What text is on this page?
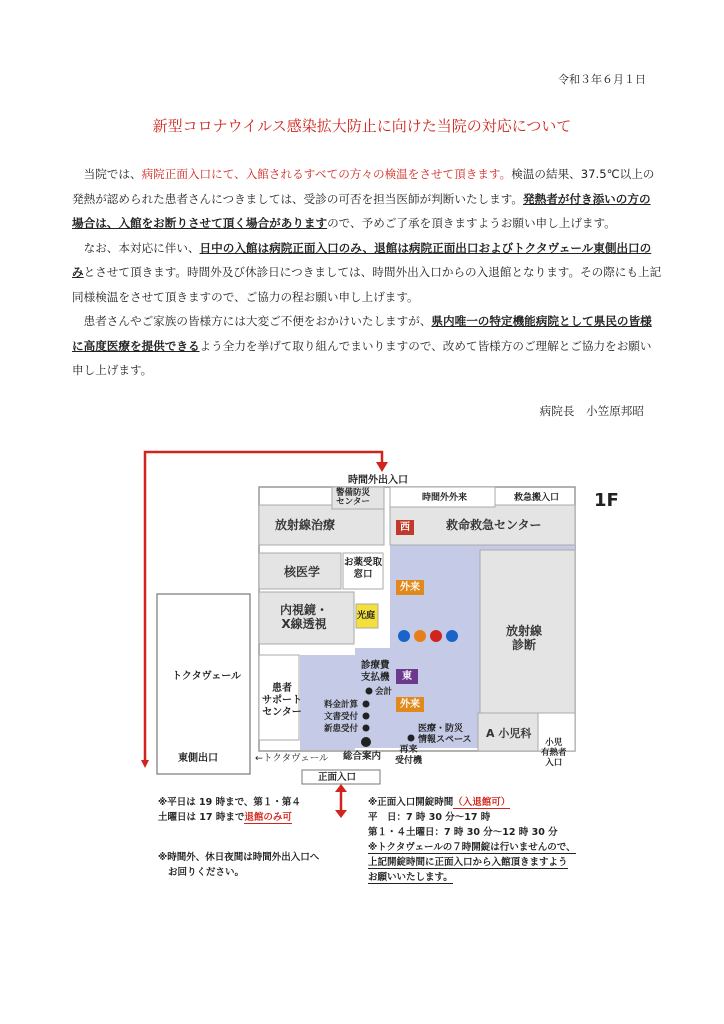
令和３年６月１日
新型コロナウイルス感染拡大防止に向けた当院の対応について

当院では、病院正面入口にて、入館されるすべての方々の検温をさせて頂きます。検温の結果、37.5℃以上の発熱が認められた患者さんにつきましては、受診の可否を担当医師が判断いたします。発熱者が付き添いの方の場合は、入館をお断りさせて頂く場合がありますので、予めご了承を頂きますようお願い申し上げます。

なお、本対応に伴い、日中の入館は病院正面入口のみ、退館は病院正面出口およびトクタヴェール東側出口のみとさせて頂きます。時間外及び休診日につきましては、時間外出入口からの入退館となります。その際にも上記同様検温をさせて頂きますので、ご協力の程お願い申し上げます。

患者さんやご家族の皆様方には大変ご不便をおかけいたしますが、県内唯一の特定機能病院として県民の皆様に高度医療を提供できるよう全力を挙げて取り組んでまいりますので、改めて皆様方のご理解とご協力をお願い申し上げます。

病院長　小笠原邦昭
西
外来
東
外来
時間外出入口
警備防災
センター	時間外外来	救急搬入口 1F
放射線治療	救命救急センター
核医学
お薬受取
窓口
内視鏡・
X線透視
光庭
放射線
診断
トクタヴェール
患者
サポート
センター
診療費
支払機
会計
料金計算
文書受付
新患受付	医療・防災
情報スペース A 小児科
総合案内
再来
受付機
小児
有熱者
入口
東側出口	←トクタヴェール
正面入口
※平日は 19 時まで、第１・第４
土曜日は 17 時まで退館のみ可
※時間外、休日夜間は時間外出入口へ
お回りください。
※正面入口開錠時間（入退館可）
平　日：7 時 30 分～17 時
第１・４土曜日：7 時 30 分～12 時 30 分
※トクタヴェールの７時開錠は行いませんので、
上記開錠時間に正面入口から入館頂きますよう
お願いいたします。
